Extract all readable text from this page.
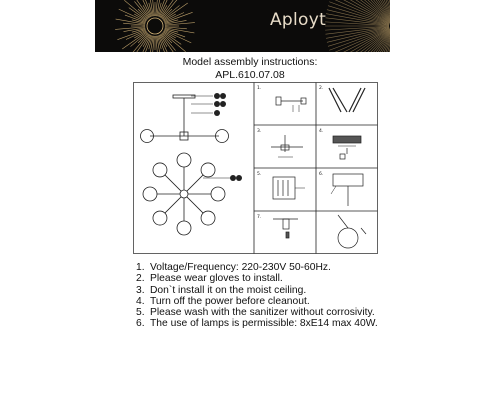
Aployt
Model assembly instructions:
APL.610.07.08
1.	2.
3.	4.
5.	6.
7.
1. Voltage/Frequency: 220-230V 50-60Hz.
2. Please wear gloves to install.
3. Don`t install it on the moist ceiling.
4. Turn off the power before cleanout.
5. Please wash with the sanitizer without corrosivity.
6. The use of lamps is permissible: 8xE14 max 40W.
